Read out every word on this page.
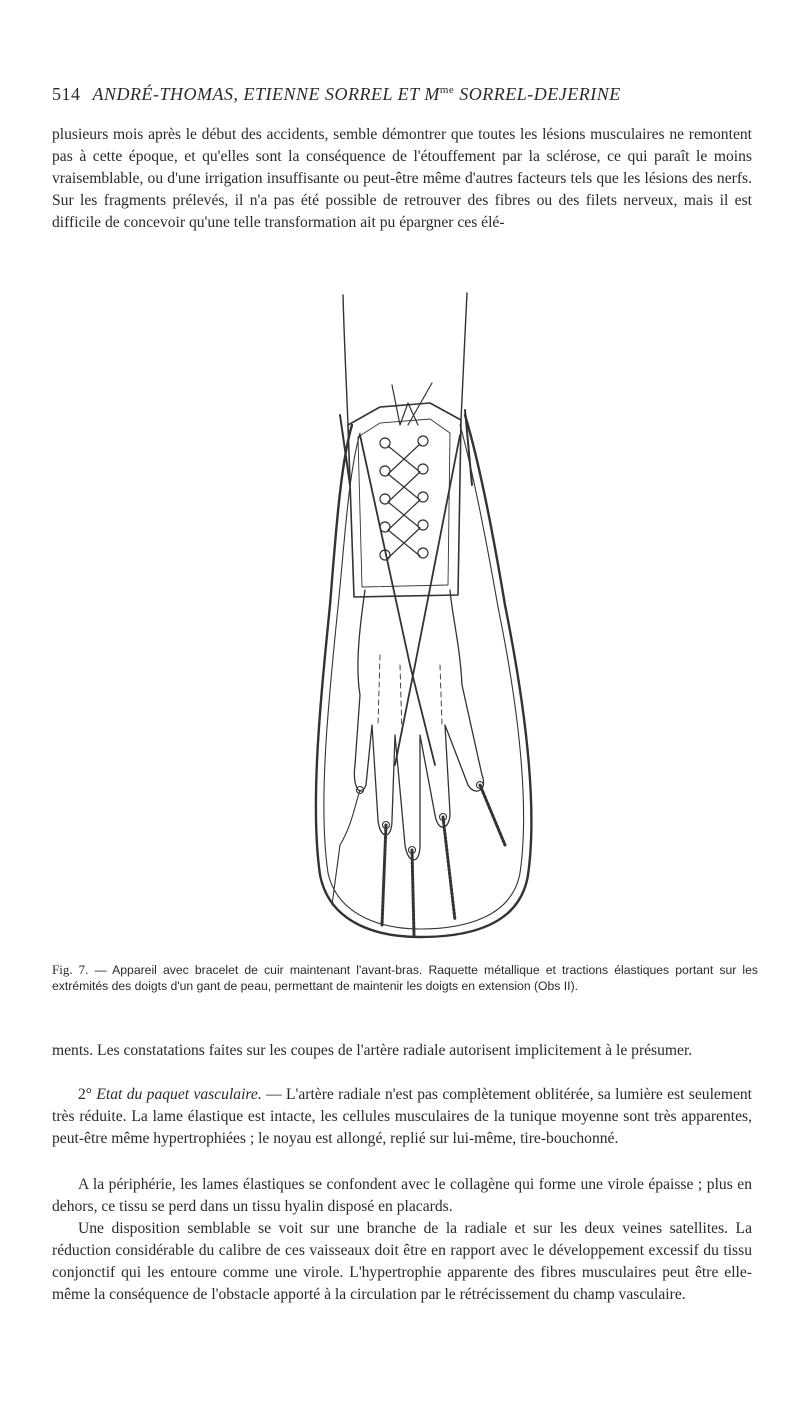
514 ANDRÉ-THOMAS, ETIENNE SORREL ET $M^{me}$ SORREL-DEJERINE

plusieurs mois après le début des accidents, semble démontrer que toutes les lésions musculaires ne remontent pas à cette époque, et qu'elles sont la conséquence de l'étouffement par la sclérose, ce qui paraît le moins vraisemblable, ou d'une irrigation insuffisante ou peut-être même d'autres facteurs tels que les lésions des nerfs. Sur les fragments prélevés, il n'a pas été possible de retrouver des fibres ou des filets nerveux, mais il est difficile de concevoir qu'une telle transformation ait pu épargner ces élé-

Fig. 7. — Appareil avec bracelet de cuir maintenant l'avant-bras. Raquette métallique et tractions élastiques portant sur les extrémités des doigts d'un gant de peau, permettant de maintenir les doigts en extension (Obs II).

ments. Les constatations faites sur les coupes de l'artère radiale autorisent implicitement à le présumer.

2° Etat du paquet vasculaire. — L'artère radiale n'est pas complètement oblitérée, sa lumière est seulement très réduite. La lame élastique est intacte, les cellules musculaires de la tunique moyenne sont très apparentes, peut-être même hypertrophiées ; le noyau est allongé, replié sur lui-même, tire-bouchonné.

A la périphérie, les lames élastiques se confondent avec le collagène qui forme une virole épaisse ; plus en dehors, ce tissu se perd dans un tissu hyalin disposé en placards.

Une disposition semblable se voit sur une branche de la radiale et sur les deux veines satellites. La réduction considérable du calibre de ces vaisseaux doit être en rapport avec le développement excessif du tissu conjonctif qui les entoure comme une virole. L'hypertrophie apparente des fibres musculaires peut être elle-même la conséquence de l'obstacle apporté à la circulation par le rétrécissement du champ vasculaire.
